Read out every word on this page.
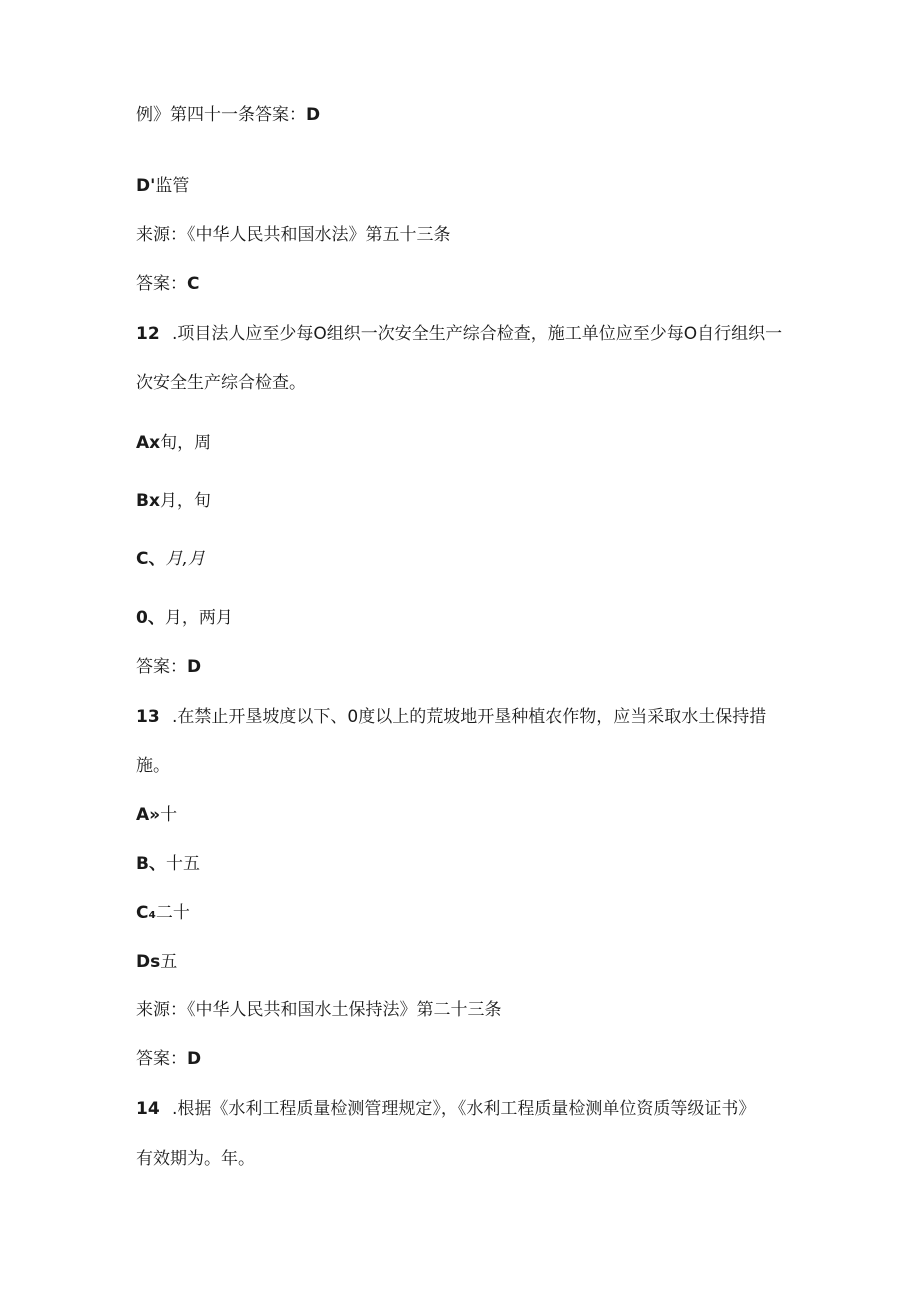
例》第四十一条答案：D
D'监管
来源：《中华人民共和国水法》第五十三条
答案：C
12 .项目法人应至少每O组织一次安全生产综合检查，施工单位应至少每O自行组织一
次安全生产综合检查。
Ax旬，周
Bx月，旬
C、月,月
0、月，两月
答案：D
13 .在禁止开垦坡度以下、0度以上的荒坡地开垦种植农作物，应当采取水土保持措
施。
A»十
B、十五
C₄二十
Ds五
来源：《中华人民共和国水土保持法》第二十三条
答案：D
14 .根据《水利工程质量检测管理规定》，《水利工程质量检测单位资质等级证书》
有效期为。年。
